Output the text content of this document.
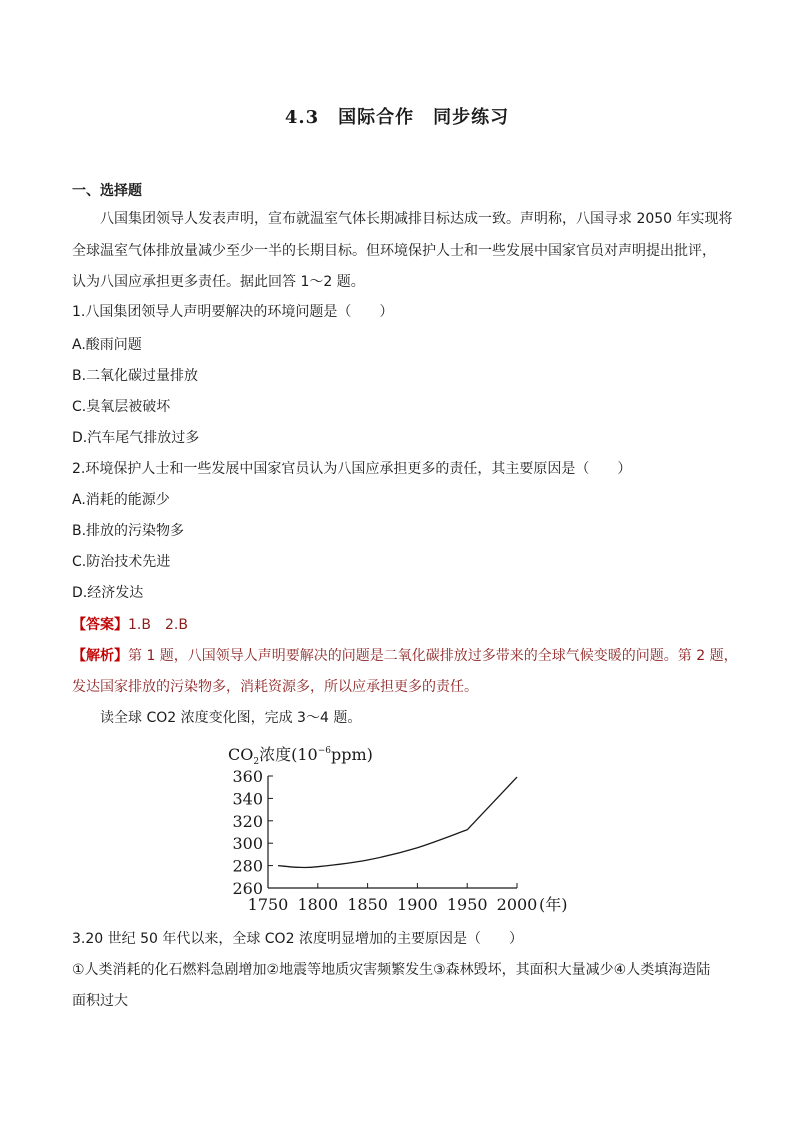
4.3　国际合作　同步练习
一、选择题
八国集团领导人发表声明，宣布就温室气体长期减排目标达成一致。声明称，八国寻求 2050 年实现将
全球温室气体排放量减少至少一半的长期目标。但环境保护人士和一些发展中国家官员对声明提出批评，
认为八国应承担更多责任。据此回答 1～2 题。
1.八国集团领导人声明要解决的环境问题是（　　）
A.酸雨问题
B.二氧化碳过量排放
C.臭氧层被破坏
D.汽车尾气排放过多
2.环境保护人士和一些发展中国家官员认为八国应承担更多的责任，其主要原因是（　　）
A.消耗的能源少
B.排放的污染物多
C.防治技术先进
D.经济发达
【答案】1.B　2.B
【解析】第 1 题，八国领导人声明要解决的问题是二氧化碳排放过多带来的全球气候变暖的问题。第 2 题，
发达国家排放的污染物多，消耗资源多，所以应承担更多的责任。
读全球 CO2 浓度变化图，完成 3～4 题。
$CO_2$浓度$(10^{-6}ppm)$
260
280
300
320
340
360
1750 1800 1850 1900 1950 2000 (年)
3.20 世纪 50 年代以来，全球 CO2 浓度明显增加的主要原因是（　　）
①人类消耗的化石燃料急剧增加②地震等地质灾害频繁发生③森林毁坏，其面积大量减少④人类填海造陆
面积过大
